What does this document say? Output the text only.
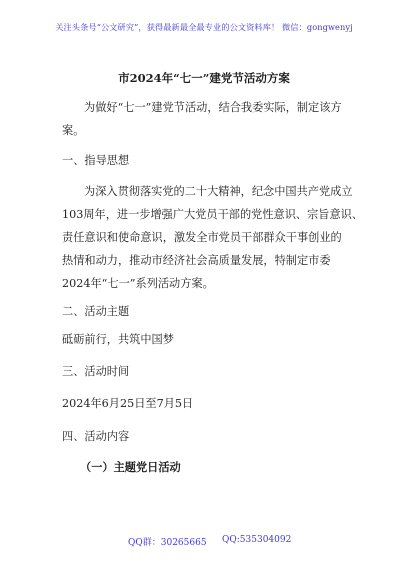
关注头条号“公文研究”，获得最新最全最专业的公文资料库！ 微信：gongwenyj
市2024年“七一”建党节活动方案
为做好“七一”建党节活动，结合我委实际，制定该方
案。
一、指导思想
为深入贯彻落实党的二十大精神，纪念中国共产党成立
103周年，进一步增强广大党员干部的党性意识、宗旨意识、
责任意识和使命意识，激发全市党员干部群众干事创业的
热情和动力，推动市经济社会高质量发展，特制定市委
2024年“七一”系列活动方案。
二、活动主题
砥砺前行，共筑中国梦
三、活动时间
2024年6月25日至7月5日
四、活动内容
（一）主题党日活动
QQ群：30265665 QQ:535304092
